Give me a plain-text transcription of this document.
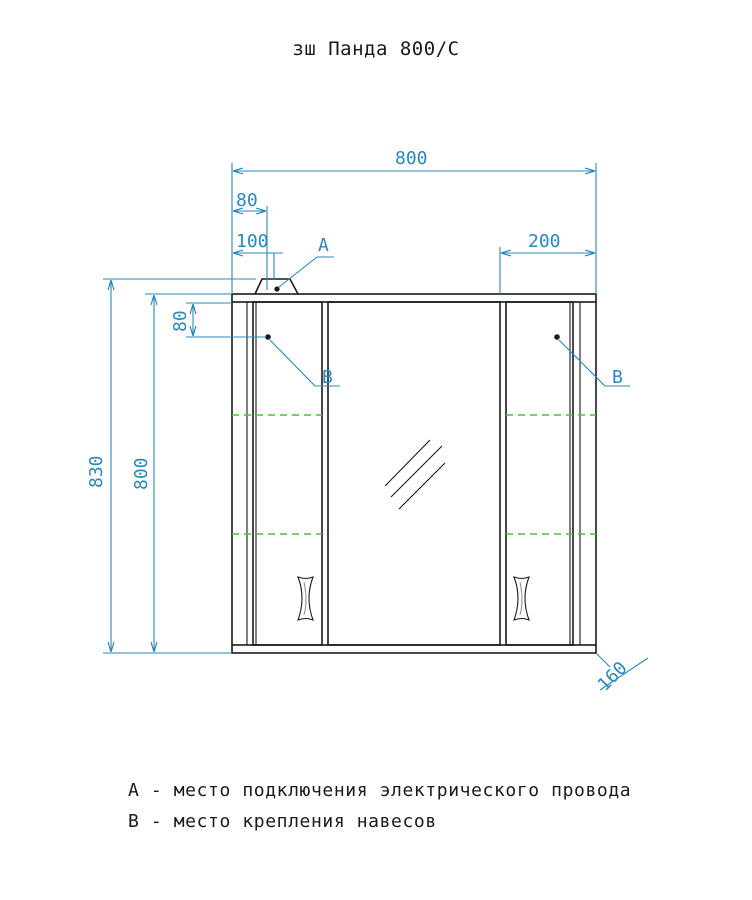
зш Панда 800/С
800
80
100	200
830 800
80
160
A
B	B
A - место подключения электрического провода
B - место крепления навесов
